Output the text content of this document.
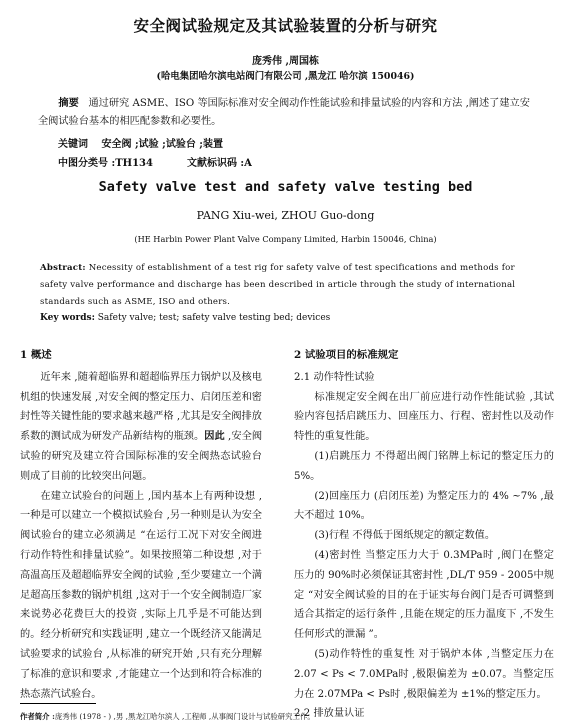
安全阀试验规定及其试验装置的分析与研究
庞秀伟 ,周国栋
(哈电集团哈尔滨电站阀门有限公司 ,黑龙江 哈尔滨 150046)
摘要 通过研究 ASME、ISO 等国际标准对安全阀动作性能试验和排量试验的内容和方法 ,阐述了建立安全阀试验台基本的相匹配参数和必要性。
关键词 安全阀 ;试验 ;试验台 ;装置
中图分类号 :TH134	文献标识码 :A
Safety valve test and safety valve testing bed
PANG Xiu-wei, ZHOU Guo-dong
(HE Harbin Power Plant Valve Company Limited, Harbin 150046, China)
Abstract: Necessity of establishment of a test rig for safety valve of test specifications and methods for safety valve performance and discharge has been described in article through the study of international standards such as ASME, ISO and others.
Key words: Safety valve; test; safety valve testing bed; devices

1 概述

近年来 ,随着超临界和超超临界压力锅炉以及核电机组的快速发展 ,对安全阀的整定压力、启闭压差和密封性等关键性能的要求越来越严格 ,尤其是安全阀排放系数的测试成为研发产品新结构的瓶颈。因此 ,安全阀试验的研究及建立符合国际标准的安全阀热态试验台则成了目前的比较突出问题。

在建立试验台的问题上 ,国内基本上有两种设想 ,一种是可以建立一个模拟试验台 ,另一种则是认为安全阀试验台的建立必须满足 “在运行工况下对安全阀进行动作特性和排量试验”。如果按照第二种设想 ,对于高温高压及超超临界安全阀的试验 ,至少要建立一个满足超高压参数的锅炉机组 ,这对于一个安全阀制造厂家来说势必花费巨大的投资 ,实际上几乎是不可能达到的。经分析研究和实践证明 ,建立一个既经济又能满足试验要求的试验台 ,从标准的研究开始 ,只有充分理解了标准的意识和要求 ,才能建立一个达到和符合标准的热态蒸汽试验台。

2 试验项目的标准规定

2.1 动作特性试验

标准规定安全阀在出厂前应进行动作性能试验 ,其试验内容包括启跳压力、回座压力、行程、密封性以及动作特性的重复性能。

(1)启跳压力 不得超出阀门铭牌上标记的整定压力的 5%。

(2)回座压力 (启闭压差) 为整定压力的 4% ~7% ,最大不超过 10%。

(3)行程 不得低于图纸规定的额定数值。

(4)密封性 当整定压力大于 0.3MPa时 ,阀门在整定压力的 90%时必须保证其密封性 ,DL/T 959 - 2005中规定 “对安全阀试验的目的在于证实每台阀门是否可调整到适合其指定的运行条件 ,且能在规定的压力温度下 ,不发生任何形式的泄漏 ”。

(5)动作特性的重复性 对于锅炉本体 ,当整定压力在 2.07 < Ps < 7.0MPa时 ,极限偏差为 ±0.07。当整定压力在 2.07MPa < Ps时 ,极限偏差为 ±1%的整定压力。

2.2 排放量认证

作者简介 :庞秀伟 (1978 - ) ,男 ,黑龙江哈尔滨人 ,工程师 ,从事阀门设计与试验研究工作。
